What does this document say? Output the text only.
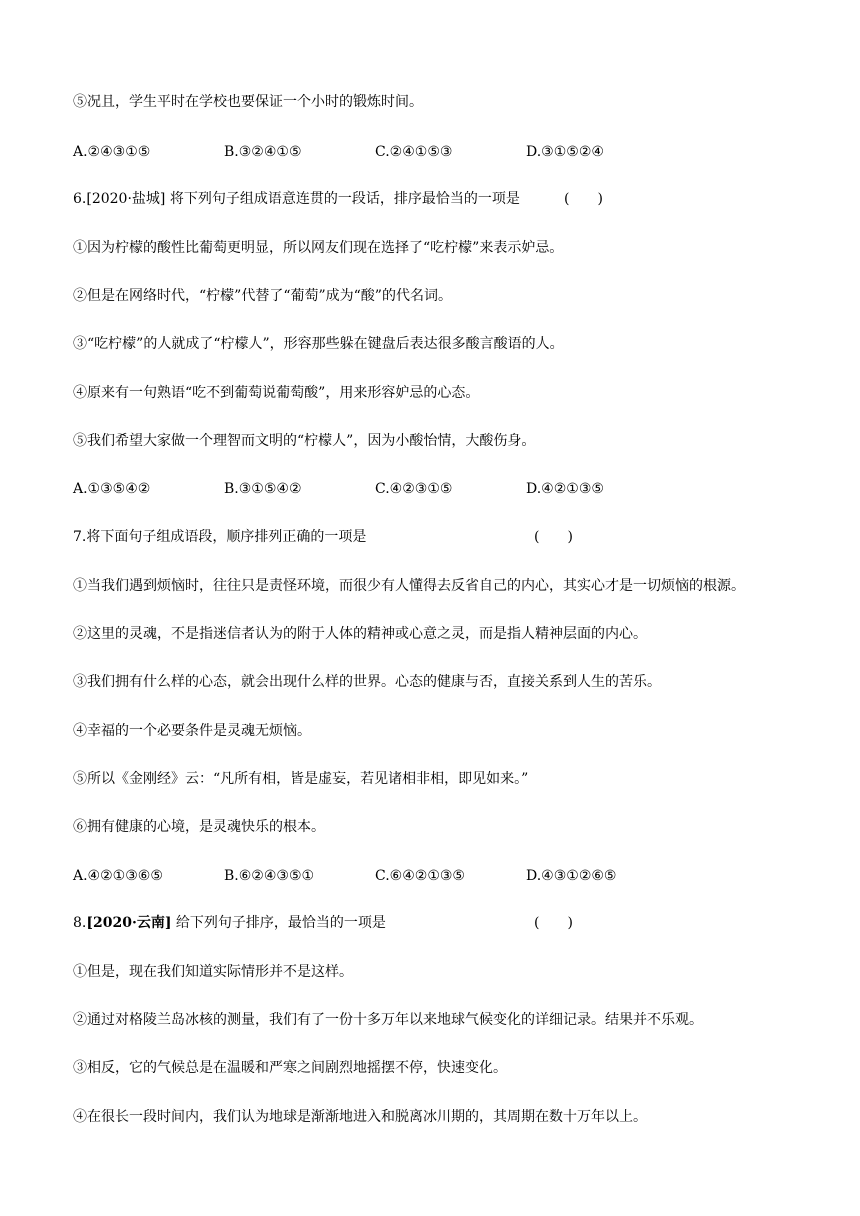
⑤况且，学生平时在学校也要保证一个小时的锻炼时间。
A.②④③①⑤	B.③②④①⑤	C.②④①⑤③	D.③①⑤②④
6.[2020·盐城] 将下列句子组成语意连贯的一段话，排序最恰当的一项是	(　　)
①因为柠檬的酸性比葡萄更明显，所以网友们现在选择了“吃柠檬”来表示妒忌。
②但是在网络时代，“柠檬”代替了“葡萄”成为“酸”的代名词。
③“吃柠檬”的人就成了“柠檬人”，形容那些躲在键盘后表达很多酸言酸语的人。
④原来有一句熟语“吃不到葡萄说葡萄酸”，用来形容妒忌的心态。
⑤我们希望大家做一个理智而文明的“柠檬人”，因为小酸怡情，大酸伤身。
A.①③⑤④②	B.③①⑤④②	C.④②③①⑤	D.④②①③⑤
7.将下面句子组成语段，顺序排列正确的一项是	(　　)
①当我们遇到烦恼时，往往只是责怪环境，而很少有人懂得去反省自己的内心，其实心才是一切烦恼的根源。
②这里的灵魂，不是指迷信者认为的附于人体的精神或心意之灵，而是指人精神层面的内心。
③我们拥有什么样的心态，就会出现什么样的世界。心态的健康与否，直接关系到人生的苦乐。
④幸福的一个必要条件是灵魂无烦恼。
⑤所以《金刚经》云：“凡所有相，皆是虚妄，若见诸相非相，即见如来。”
⑥拥有健康的心境，是灵魂快乐的根本。
A.④②①③⑥⑤	B.⑥②④③⑤①	C.⑥④②①③⑤	D.④③①②⑥⑤
8.[2020·云南] 给下列句子排序，最恰当的一项是	(　　)
①但是，现在我们知道实际情形并不是这样。
②通过对格陵兰岛冰核的测量，我们有了一份十多万年以来地球气候变化的详细记录。结果并不乐观。
③相反，它的气候总是在温暖和严寒之间剧烈地摇摆不停，快速变化。
④在很长一段时间内，我们认为地球是渐渐地进入和脱离冰川期的，其周期在数十万年以上。
